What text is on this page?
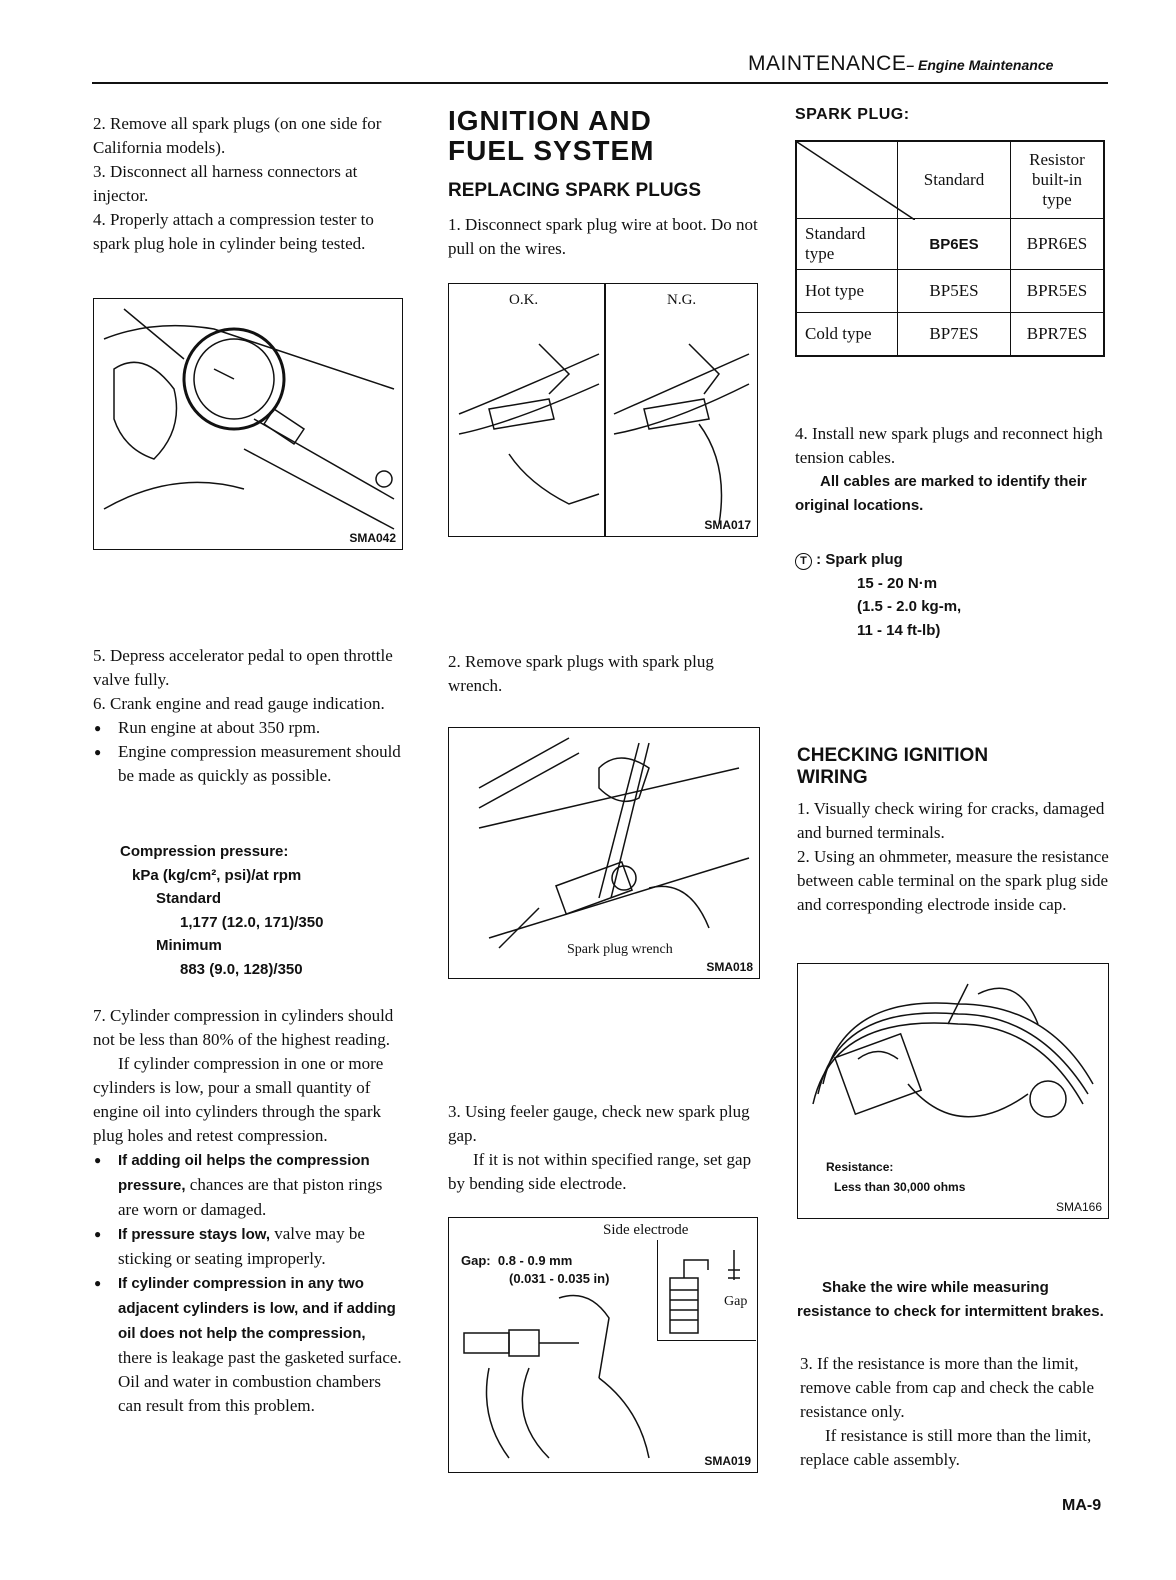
MAINTENANCE– Engine Maintenance
2. Remove all spark plugs (on one side for California models).
3. Disconnect all harness connectors at injector.
4. Properly attach a compression tester to spark plug hole in cylinder being tested.
SMA042
5. Depress accelerator pedal to open throttle valve fully.
6. Crank engine and read gauge indication.
● Run engine at about 350 rpm.
● Engine compression measurement should be made as quickly as possible.
Compression pressure:
kPa (kg/cm², psi)/at rpm
Standard
1,177 (12.0, 171)/350
Minimum
883 (9.0, 128)/350
7. Cylinder compression in cylinders should not be less than 80% of the highest reading.
If cylinder compression in one or more cylinders is low, pour a small quantity of engine oil into cylinders through the spark plug holes and retest compression.
● If adding oil helps the compression pressure, chances are that piston rings are worn or damaged.
● If pressure stays low, valve may be sticking or seating improperly.
● If cylinder compression in any two adjacent cylinders is low, and if adding oil does not help the compression, there is leakage past the gasketed surface.
Oil and water in combustion chambers can result from this problem.
IGNITION AND
FUEL SYSTEM
REPLACING SPARK PLUGS
1. Disconnect spark plug wire at boot. Do not pull on the wires.
O.K.	N.G.
SMA017
2. Remove spark plugs with spark plug wrench.
Spark plug wrench
SMA018
3. Using feeler gauge, check new spark plug gap.
If it is not within specified range, set gap by bending side electrode.
Side electrode
Gap: 0.8 - 0.9 mm
(0.031 - 0.035 in)
Gap
SMA019
SPARK PLUG:
	Standard	Resistor built-in type
Standard type	BP6ES	BPR6ES
Hot type	BP5ES	BPR5ES
Cold type	BP7ES	BPR7ES
4. Install new spark plugs and reconnect high tension cables.
All cables are marked to identify their original locations.
T : Spark plug
15 - 20 N·m
(1.5 - 2.0 kg-m,
11 - 14 ft-lb)
CHECKING IGNITION
WIRING
1. Visually check wiring for cracks, damaged and burned terminals.
2. Using an ohmmeter, measure the resistance between cable terminal on the spark plug side and corresponding electrode inside cap.
Resistance:
Less than 30,000 ohms
SMA166
Shake the wire while measuring resistance to check for intermittent brakes.
3. If the resistance is more than the limit, remove cable from cap and check the cable resistance only.
If resistance is still more than the limit, replace cable assembly.
MA-9
